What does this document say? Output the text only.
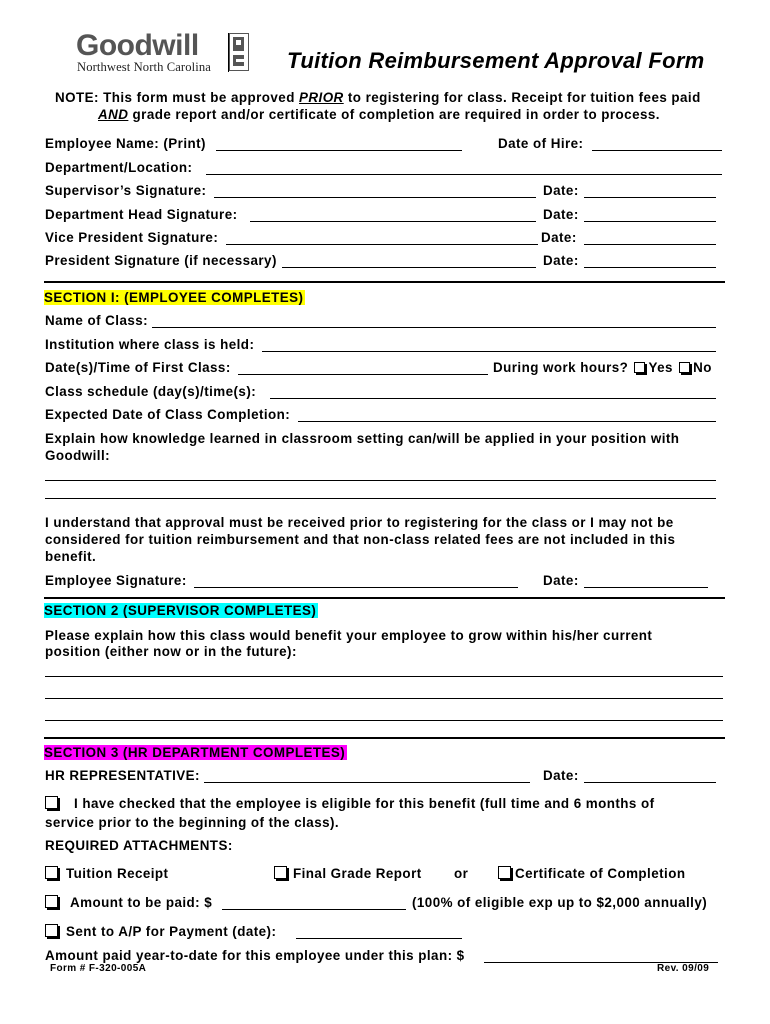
Goodwill
Northwest North Carolina	Tuition Reimbursement Approval Form
NOTE: This form must be approved PRIOR to registering for class. Receipt for tuition fees paid
AND grade report and/or certificate of completion are required in order to process.
Employee Name: (Print)	Date of Hire:
Department/Location:
Supervisor’s Signature:	Date:
Department Head Signature:	Date:
Vice President Signature:	Date:
President Signature (if necessary)	Date:
SECTION I: (EMPLOYEE COMPLETES)
Name of Class:
Institution where class is held:
Date(s)/Time of First Class:	During work hours? Yes No
Class schedule (day(s)/time(s):
Expected Date of Class Completion:
Explain how knowledge learned in classroom setting can/will be applied in your position with
Goodwill:
I understand that approval must be received prior to registering for the class or I may not be
considered for tuition reimbursement and that non-class related fees are not included in this
benefit.
Employee Signature:	Date:
SECTION 2 (SUPERVISOR COMPLETES)
Please explain how this class would benefit your employee to grow within his/her current
position (either now or in the future):
SECTION 3 (HR DEPARTMENT COMPLETES)
HR REPRESENTATIVE:	Date:
I have checked that the employee is eligible for this benefit (full time and 6 months of
service prior to the beginning of the class).
REQUIRED ATTACHMENTS:
Tuition Receipt	Final Grade Report or	Certificate of Completion
Amount to be paid: $	(100% of eligible exp up to $2,000 annually)
Sent to A/P for Payment (date):
Amount paid year-to-date for this employee under this plan: $
Form # F-320-005A	Rev. 09/09
